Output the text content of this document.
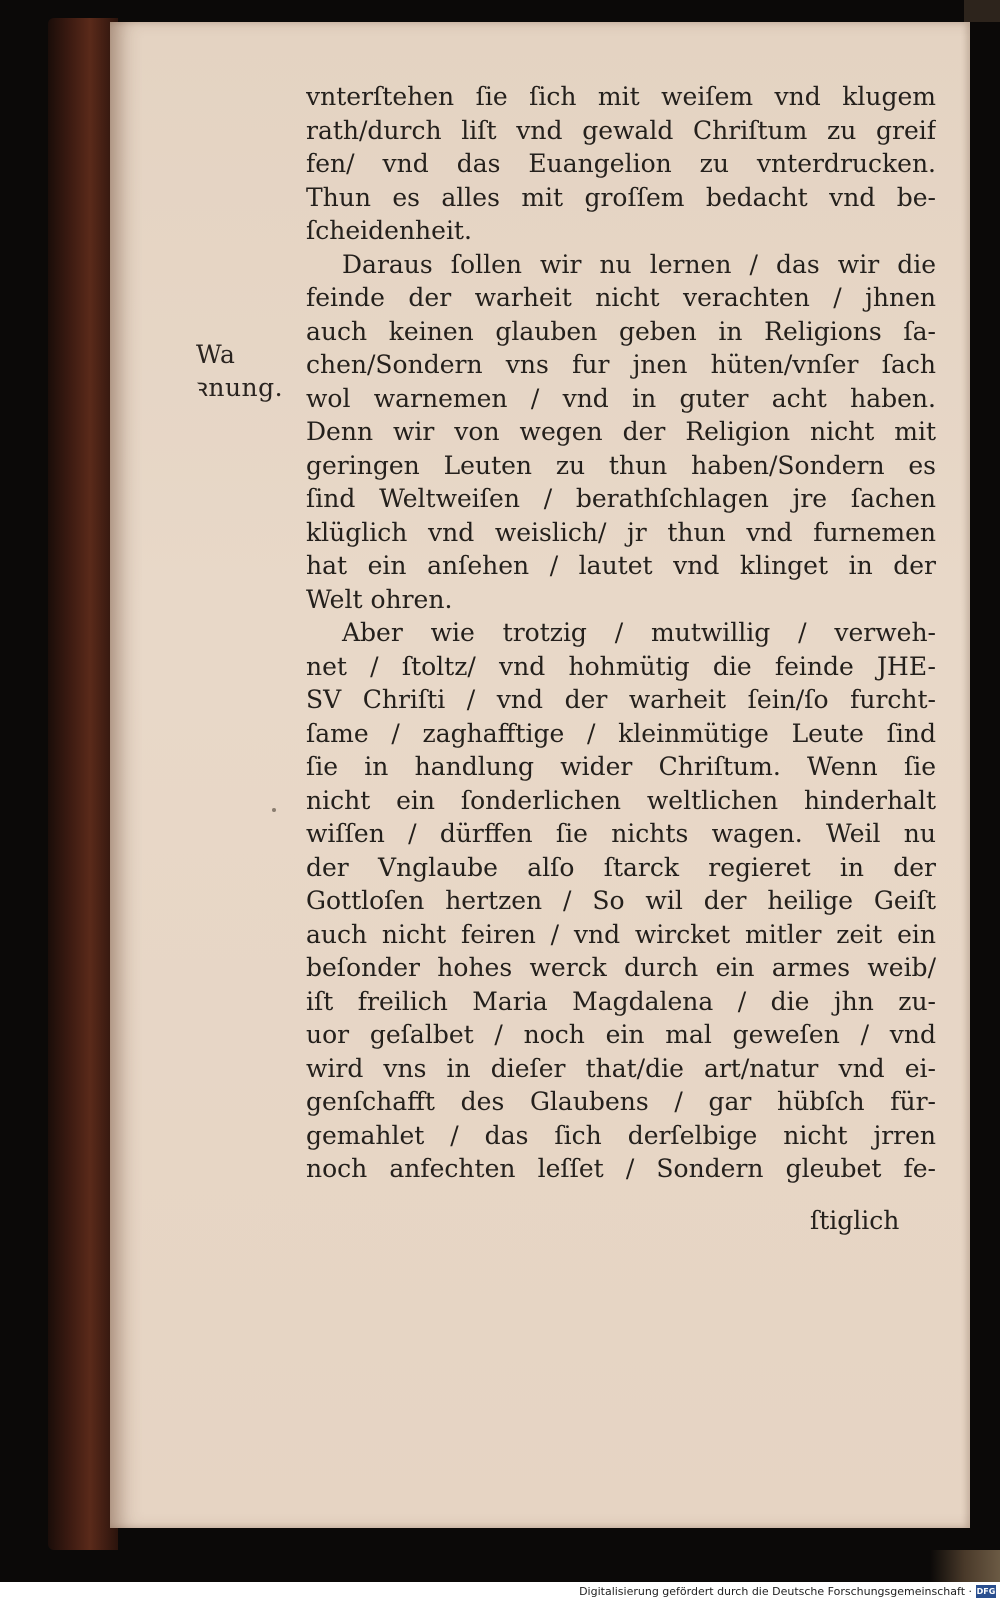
Wa
ꝛnung.
vnterſtehen ſie ſich mit weiſem vnd klugem
rath/durch liſt vnd gewald Chriſtum zu greif
fen/ vnd das Euangelion zu vnterdrucken.
Thun es alles mit groſſem bedacht vnd be-
ſcheidenheit.
Daraus ſollen wir nu lernen / das wir die
feinde der warheit nicht verachten / jhnen
auch keinen glauben geben in Religions ſa-
chen/Sondern vns fur jnen hüten/vnſer ſach
wol warnemen / vnd in guter acht haben.
Denn wir von wegen der Religion nicht mit
geringen Leuten zu thun haben/Sondern es
ſind Weltweiſen / berathſchlagen jre ſachen
klüglich vnd weislich/ jr thun vnd furnemen
hat ein anſehen / lautet vnd klinget in der
Welt ohren.
Aber wie trotzig / mutwillig / verweh-
net / ſtoltz/ vnd hohmütig die feinde JHE-
SV Chriſti / vnd der warheit ſein/ſo furcht-
ſame / zaghafftige / kleinmütige Leute ſind
ſie in handlung wider Chriſtum. Wenn ſie
nicht ein ſonderlichen weltlichen hinderhalt
wiſſen / dürffen ſie nichts wagen. Weil nu
der Vnglaube alſo ſtarck regieret in der
Gottloſen hertzen / So wil der heilige Geiſt
auch nicht feiren / vnd wircket mitler zeit ein
beſonder hohes werck durch ein armes weib/
iſt freilich Maria Magdalena / die jhn zu-
uor geſalbet / noch ein mal geweſen / vnd
wird vns in dieſer that/die art/natur vnd ei-
genſchafft des Glaubens / gar hübſch für-
gemahlet / das ſich derſelbige nicht jrren
noch anfechten leſſet / Sondern gleubet fe-
ſtiglich
Digitalisierung gefördert durch die Deutsche Forschungsgemeinschaft · DFG
